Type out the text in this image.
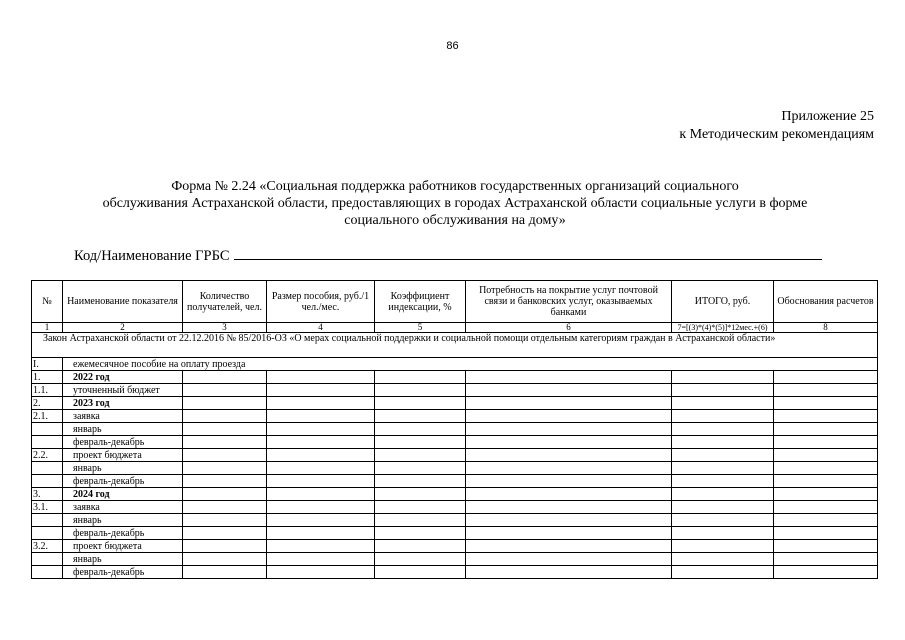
86
Приложение 25
к Методическим рекомендациям
Форма № 2.24 «Социальная поддержка работников государственных организаций социального
обслуживания Астраханской области, предоставляющих в городах Астраханской области социальные услуги в форме
социального обслуживания на дому»
Код/Наименование ГРБС
№	Наименование показателя	Количество получателей, чел.	Размер пособия, руб./1 чел./мес.	Коэффициент индексации, %	Потребность на покрытие услуг почтовой связи и банковских услуг, оказываемых банками	ИТОГО, руб.	Обоснования расчетов
1	2	3	4	5	6	7=[(3)*(4)*(5)]*12мес.+(6)	8

Закон Астраханской области от 22.12.2016 № 85/2016-ОЗ «О мерах социальной поддержки и социальной помощи отдельным категориям граждан в Астраханской области»							

I.	ежемесячное пособие на оплату проезда						
1.	2022 год						
1.1.	уточненный бюджет						
2.	2023 год						
2.1.	заявка						
	январь						
	февраль-декабрь						
2.2.	проект бюджета						
	январь						
	февраль-декабрь						
3.	2024 год						
3.1.	заявка						
	январь						
	февраль-декабрь						
3.2.	проект бюджета						
	январь						
	февраль-декабрь						
